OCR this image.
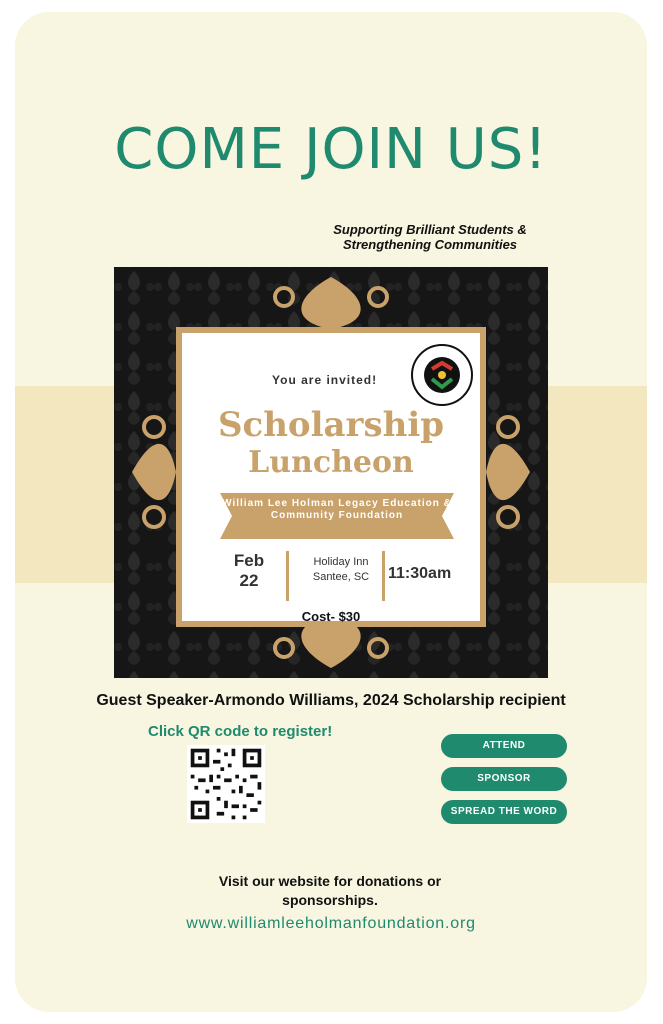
COME JOIN US!
Supporting Brilliant Students & Strengthening Communities
You are invited!
Scholarship
Luncheon
William Lee Holman Legacy Education & Community Foundation
Feb 22
Holiday Inn Santee, SC	11:30am
Cost- $30
Guest Speaker-Armondo Williams, 2024 Scholarship recipient
Click QR code to register!
ATTEND
SPONSOR
SPREAD THE WORD
Visit our website for donations or sponsorships.
www.williamleeholmanfoundation.org
